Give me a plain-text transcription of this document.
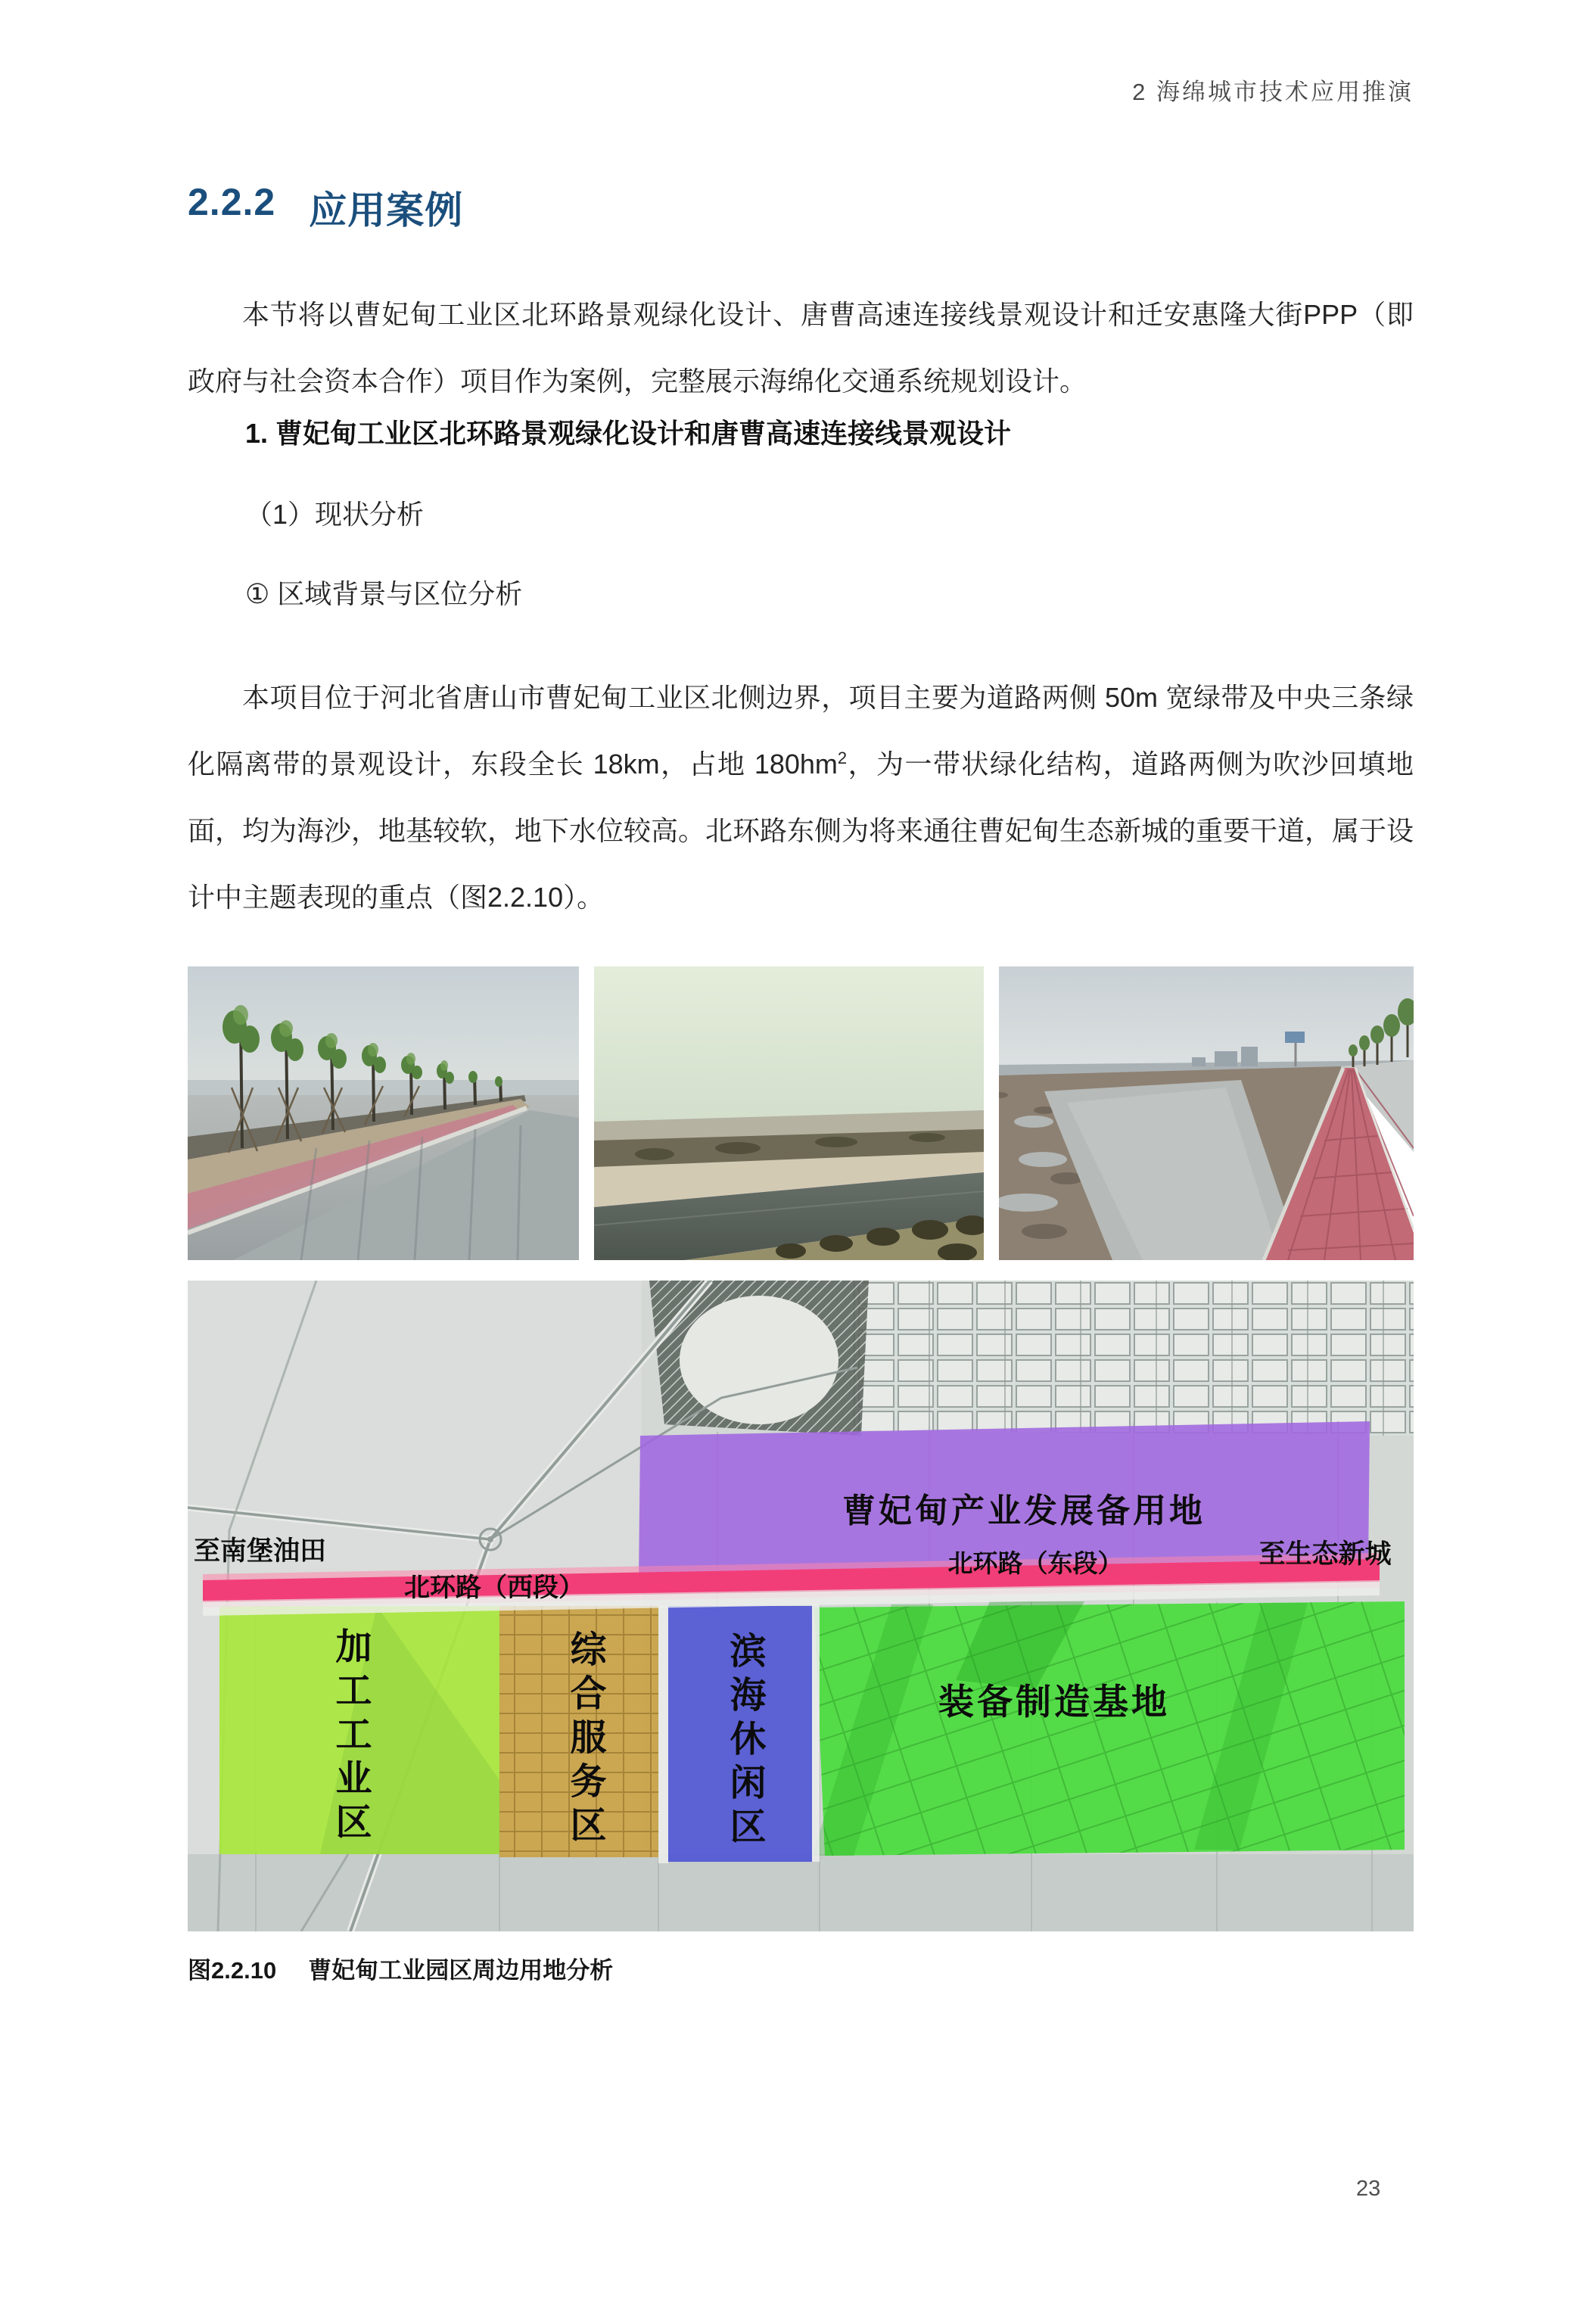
2 海绵城市技术应用推演
2.2.2 应用案例

本节将以曹妃甸工业区北环路景观绿化设计、唐曹高速连接线景观设计和迁安惠隆大街PPP（即政府与社会资本合作）项目作为案例，完整展示海绵化交通系统规划设计。

1. 曹妃甸工业区北环路景观绿化设计和唐曹高速连接线景观设计
（1）现状分析
① 区域背景与区位分析

本项目位于河北省唐山市曹妃甸工业区北侧边界，项目主要为道路两侧 50m 宽绿带及中央三条绿化隔离带的景观设计，东段全长 18km，占地 $180hm^2$，为一带状绿化结构，道路两侧为吹沙回填地面，均为海沙，地基较软，地下水位较高。北环路东侧为将来通往曹妃甸生态新城的重要干道，属于设计中主题表现的重点（图2.2.10）。

至南堡油田
北环路（西段）
曹妃甸产业发展备用地
北环路（东段）	至生态新城
加工工业区	综合服务区	滨海休闲区	装备制造基地
图2.2.10 曹妃甸工业园区周边用地分析
23
